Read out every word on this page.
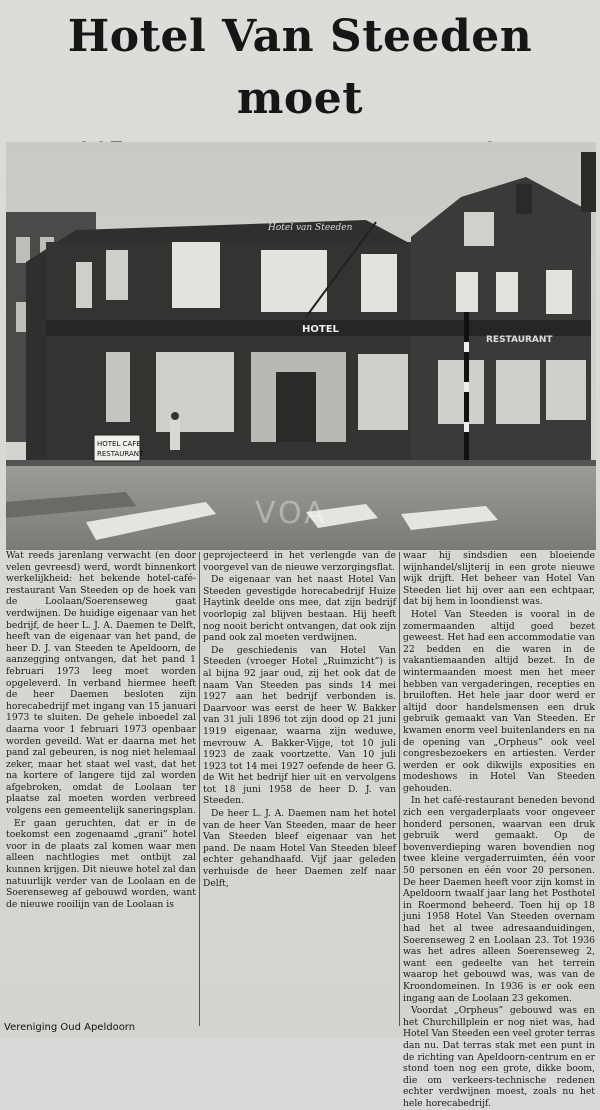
Hotel Van Steeden moet
Hotel van Steeden
HOTEL
RESTAURANT
HOTEL CAFE
RESTAURANT
VOA

Wat reeds jarenlang verwacht (en door velen gevreesd) werd, wordt binnenkort werkelijkheid: het bekende hotel-café-restaurant Van Steeden op de hoek van de Loolaan/Soerenseweg gaat verdwijnen. De huidige eigenaar van het bedrijf, de heer L. J. A. Daemen te Delft, heeft van de eigenaar van het pand, de heer D. J. van Steeden te Apeldoorn, de aanzegging ontvangen, dat het pand 1 februari 1973 leeg moet worden opgeleverd. In verband hiermee heeft de heer Daemen besloten zijn horecabedrijf met ingang van 15 januari 1973 te sluiten. De gehele inboedel zal daarna voor 1 februari 1973 openbaar worden geveild. Wat er daarna met het pand zal gebeuren, is nog niet helemaal zeker, maar het staat wel vast, dat het na kortere of langere tijd zal worden afgebroken, omdat de Loolaan ter plaatse zal moeten worden verbreed volgens een gemeentelijk saneringsplan.

Er gaan geruchten, dat er in de toekomst een zogenaamd „grani” hotel voor in de plaats zal komen waar men alleen nachtlogies met ontbijt zal kunnen krijgen. Dit nieuwe hotel zal dan natuurlijk verder van de Loolaan en de Soerenseweg af gebouwd worden, want de nieuwe rooilijn van de Loolaan is

geprojecteerd in het verlengde van de voorgevel van de nieuwe verzorgingsflat.

De eigenaar van het naast Hotel Van Steeden gevestigde horecabedrijf Huize Haytink deelde ons mee, dat zijn bedrijf voorlopig zal blijven bestaan. Hij heeft nog nooit bericht ontvangen, dat ook zijn pand ook zal moeten verdwijnen.

De geschiedenis van Hotel Van Steeden (vroeger Hotel „Ruimzicht”) is al bijna 92 jaar oud, zij het ook dat de naam Van Steeden pas sinds 14 mei 1927 aan het bedrijf verbonden is. Daarvoor was eerst de heer W. Bakker van 31 juli 1896 tot zijn dood op 21 juni 1919 eigenaar, waarna zijn weduwe, mevrouw A. Bakker-Vijge, tot 10 juli 1923 de zaak voortzette. Van 10 juli 1923 tot 14 mei 1927 oefende de heer G. de Wit het bedrijf hier uit en vervolgens tot 18 juni 1958 de heer D. J. van Steeden.

De heer L. J. A. Daemen nam het hotel van de heer Van Steeden, maar de heer Van Steeden bleef eigenaar van het pand. De naam Hotel Van Steeden bleef echter gehandhaafd. Vijf jaar geleden verhuisde de heer Daemen zelf naar Delft,

waar hij sindsdien een bloeiende wijnhandel/slijterij in een grote nieuwe wijk drijft. Het beheer van Hotel Van Steeden liet hij over aan een echtpaar, dat bij hem in loondienst was.

Hotel Van Steeden is vooral in de zomermaanden altijd goed bezet geweest. Het had een accommodatie van 22 bedden en die waren in de vakantiemaanden altijd bezet. In de wintermaanden moest men het meer hebben van vergaderingen, recepties en bruiloften. Het hele jaar door werd er altijd door handelsmensen een druk gebruik gemaakt van Van Steeden. Er kwamen enorm veel buitenlanders en na de opening van „Orpheus” ook veel congresbezoekers en artiesten. Verder werden er ook dikwijls exposities en modeshows in Hotel Van Steeden gehouden.

In het café-restaurant beneden bevond zich een vergaderplaats voor ongeveer honderd personen, waarvan een druk gebruik werd gemaakt. Op de bovenverdieping waren bovendien nog twee kleine vergaderruimten, één voor 50 personen en één voor 20 personen. De heer Daemen heeft voor zijn komst in Apeldoorn twaalf jaar lang het Posthotel in Roermond beheerd. Toen hij op 18 juni 1958 Hotel Van Steeden overnam had het al twee adresaanduidingen, Soerenseweg 2 en Loolaan 23. Tot 1936 was het adres alleen Soerenseweg 2, want een gedeelte van het terrein waarop het gebouwd was, was van de Kroondomeinen. In 1936 is er ook een ingang aan de Loolaan 23 gekomen.

Voordat „Orpheus” gebouwd was en het Churchillplein er nog niet was, had Hotel Van Steeden een veel groter terras dan nu. Dat terras stak met een punt in de richting van Apeldoorn-centrum en er stond toen nog een grote, dikke boom, die om verkeers-technische redenen echter verdwijnen moest, zoals nu het hele horecabedrijf.

Vereniging Oud Apeldoorn
